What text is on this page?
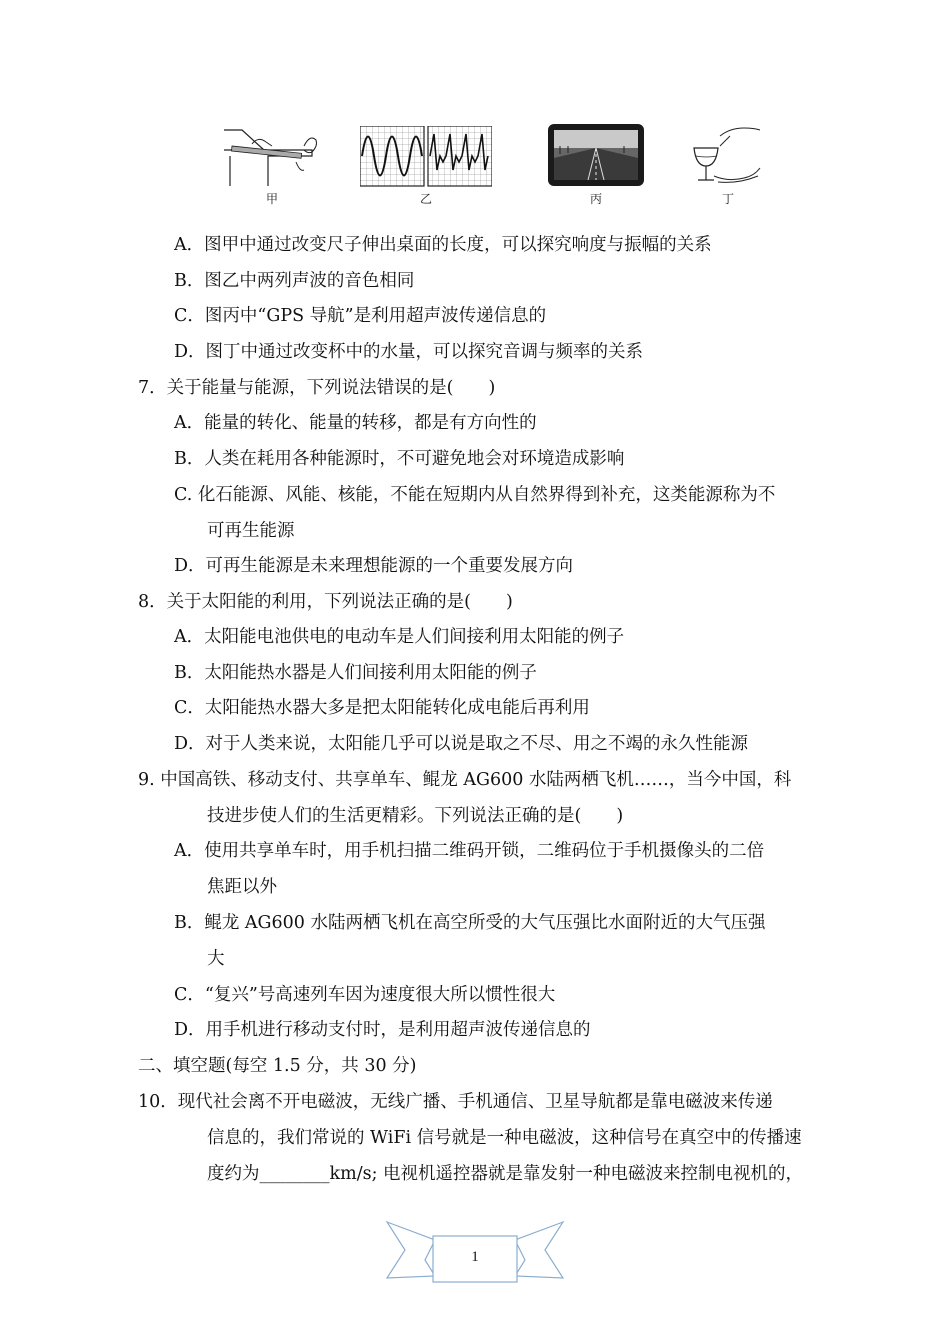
甲	乙	丙	丁
A．图甲中通过改变尺子伸出桌面的长度，可以探究响度与振幅的关系
B．图乙中两列声波的音色相同
C．图丙中“GPS 导航”是利用超声波传递信息的
D．图丁中通过改变杯中的水量，可以探究音调与频率的关系
7．关于能量与能源，下列说法错误的是(　　)
A．能量的转化、能量的转移，都是有方向性的
B．人类在耗用各种能源时，不可避免地会对环境造成影响
C. 化石能源、风能、核能，不能在短期内从自然界得到补充，这类能源称为不
可再生能源
D．可再生能源是未来理想能源的一个重要发展方向
8．关于太阳能的利用，下列说法正确的是(　　)
A．太阳能电池供电的电动车是人们间接利用太阳能的例子
B．太阳能热水器是人们间接利用太阳能的例子
C．太阳能热水器大多是把太阳能转化成电能后再利用
D．对于人类来说，太阳能几乎可以说是取之不尽、用之不竭的永久性能源
9. 中国高铁、移动支付、共享单车、鲲龙 AG600 水陆两栖飞机……，当今中国，科
技进步使人们的生活更精彩。下列说法正确的是(　　)
A．使用共享单车时，用手机扫描二维码开锁，二维码位于手机摄像头的二倍
焦距以外
B．鲲龙 AG600 水陆两栖飞机在高空所受的大气压强比水面附近的大气压强
大
C．“复兴”号高速列车因为速度很大所以惯性很大
D．用手机进行移动支付时，是利用超声波传递信息的
二、填空题(每空 1.5 分，共 30 分)
10．现代社会离不开电磁波，无线广播、手机通信、卫星导航都是靠电磁波来传递
信息的，我们常说的 WiFi 信号就是一种电磁波，这种信号在真空中的传播速
度约为________km/s; 电视机遥控器就是靠发射一种电磁波来控制电视机的，
1
